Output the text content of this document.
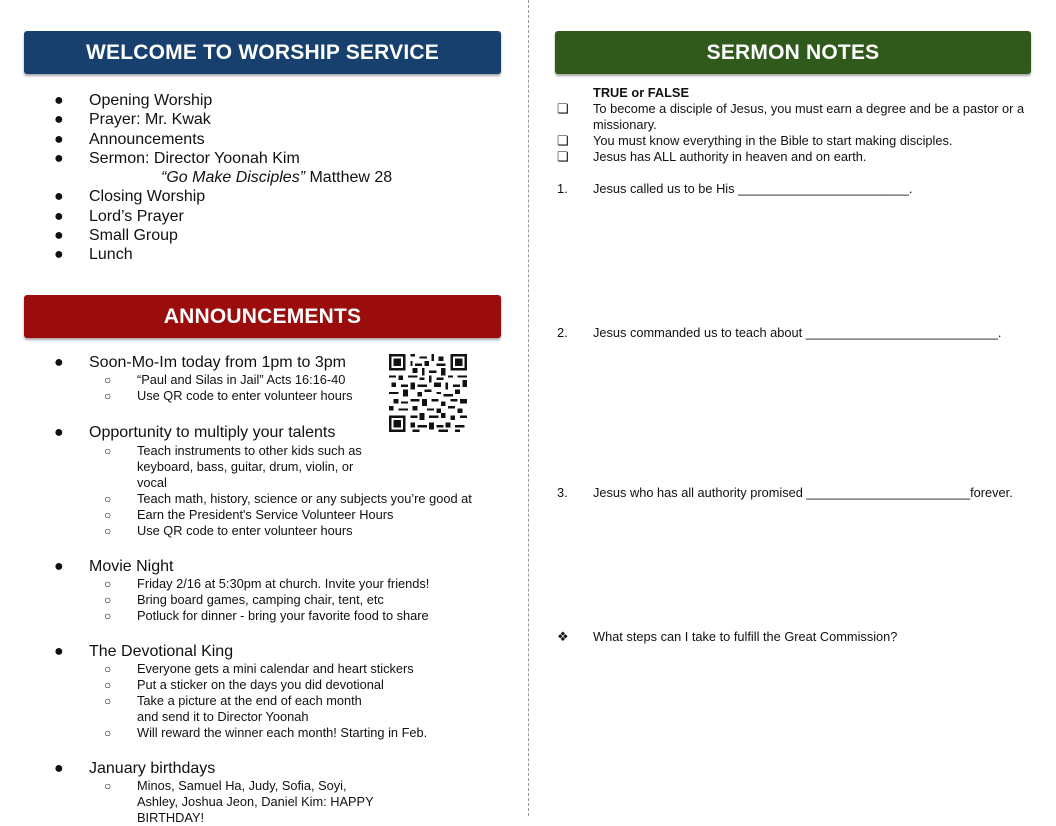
WELCOME TO WORSHIP SERVICE
● Opening Worship
● Prayer: Mr. Kwak
● Announcements
● Sermon: Director Yoonah Kim
“Go Make Disciples” Matthew 28
● Closing Worship
● Lord’s Prayer
● Small Group
● Lunch
ANNOUNCEMENTS
● Soon-Mo-Im today from 1pm to 3pm
○ “Paul and Silas in Jail” Acts 16:16-40
○ Use QR code to enter volunteer hours
● Opportunity to multiply your talents
○ Teach instruments to other kids such as keyboard, bass, guitar, drum, violin, or vocal
○ Teach math, history, science or any subjects you’re good at
○ Earn the President's Service Volunteer Hours
○ Use QR code to enter volunteer hours
● Movie Night
○ Friday 2/16 at 5:30pm at church. Invite your friends!
○ Bring board games, camping chair, tent, etc
○ Potluck for dinner - bring your favorite food to share
● The Devotional King
○ Everyone gets a mini calendar and heart stickers
○ Put a sticker on the days you did devotional
○ Take a picture at the end of each month and send it to Director Yoonah
○ Will reward the winner each month! Starting in Feb.
● January birthdays
○ Minos, Samuel Ha, Judy, Sofia, Soyi, Ashley, Joshua Jeon, Daniel Kim: HAPPY BIRTHDAY!
SERMON NOTES
TRUE or FALSE
❏ To become a disciple of Jesus, you must earn a degree and be a pastor or a missionary.
❏ You must know everything in the Bible to start making disciples.
❏ Jesus has ALL authority in heaven and on earth.
1. Jesus called us to be His ________________________.
2. Jesus commanded us to teach about ___________________________.
3. Jesus who has all authority promised _______________________forever.
❖ What steps can I take to fulfill the Great Commission?
